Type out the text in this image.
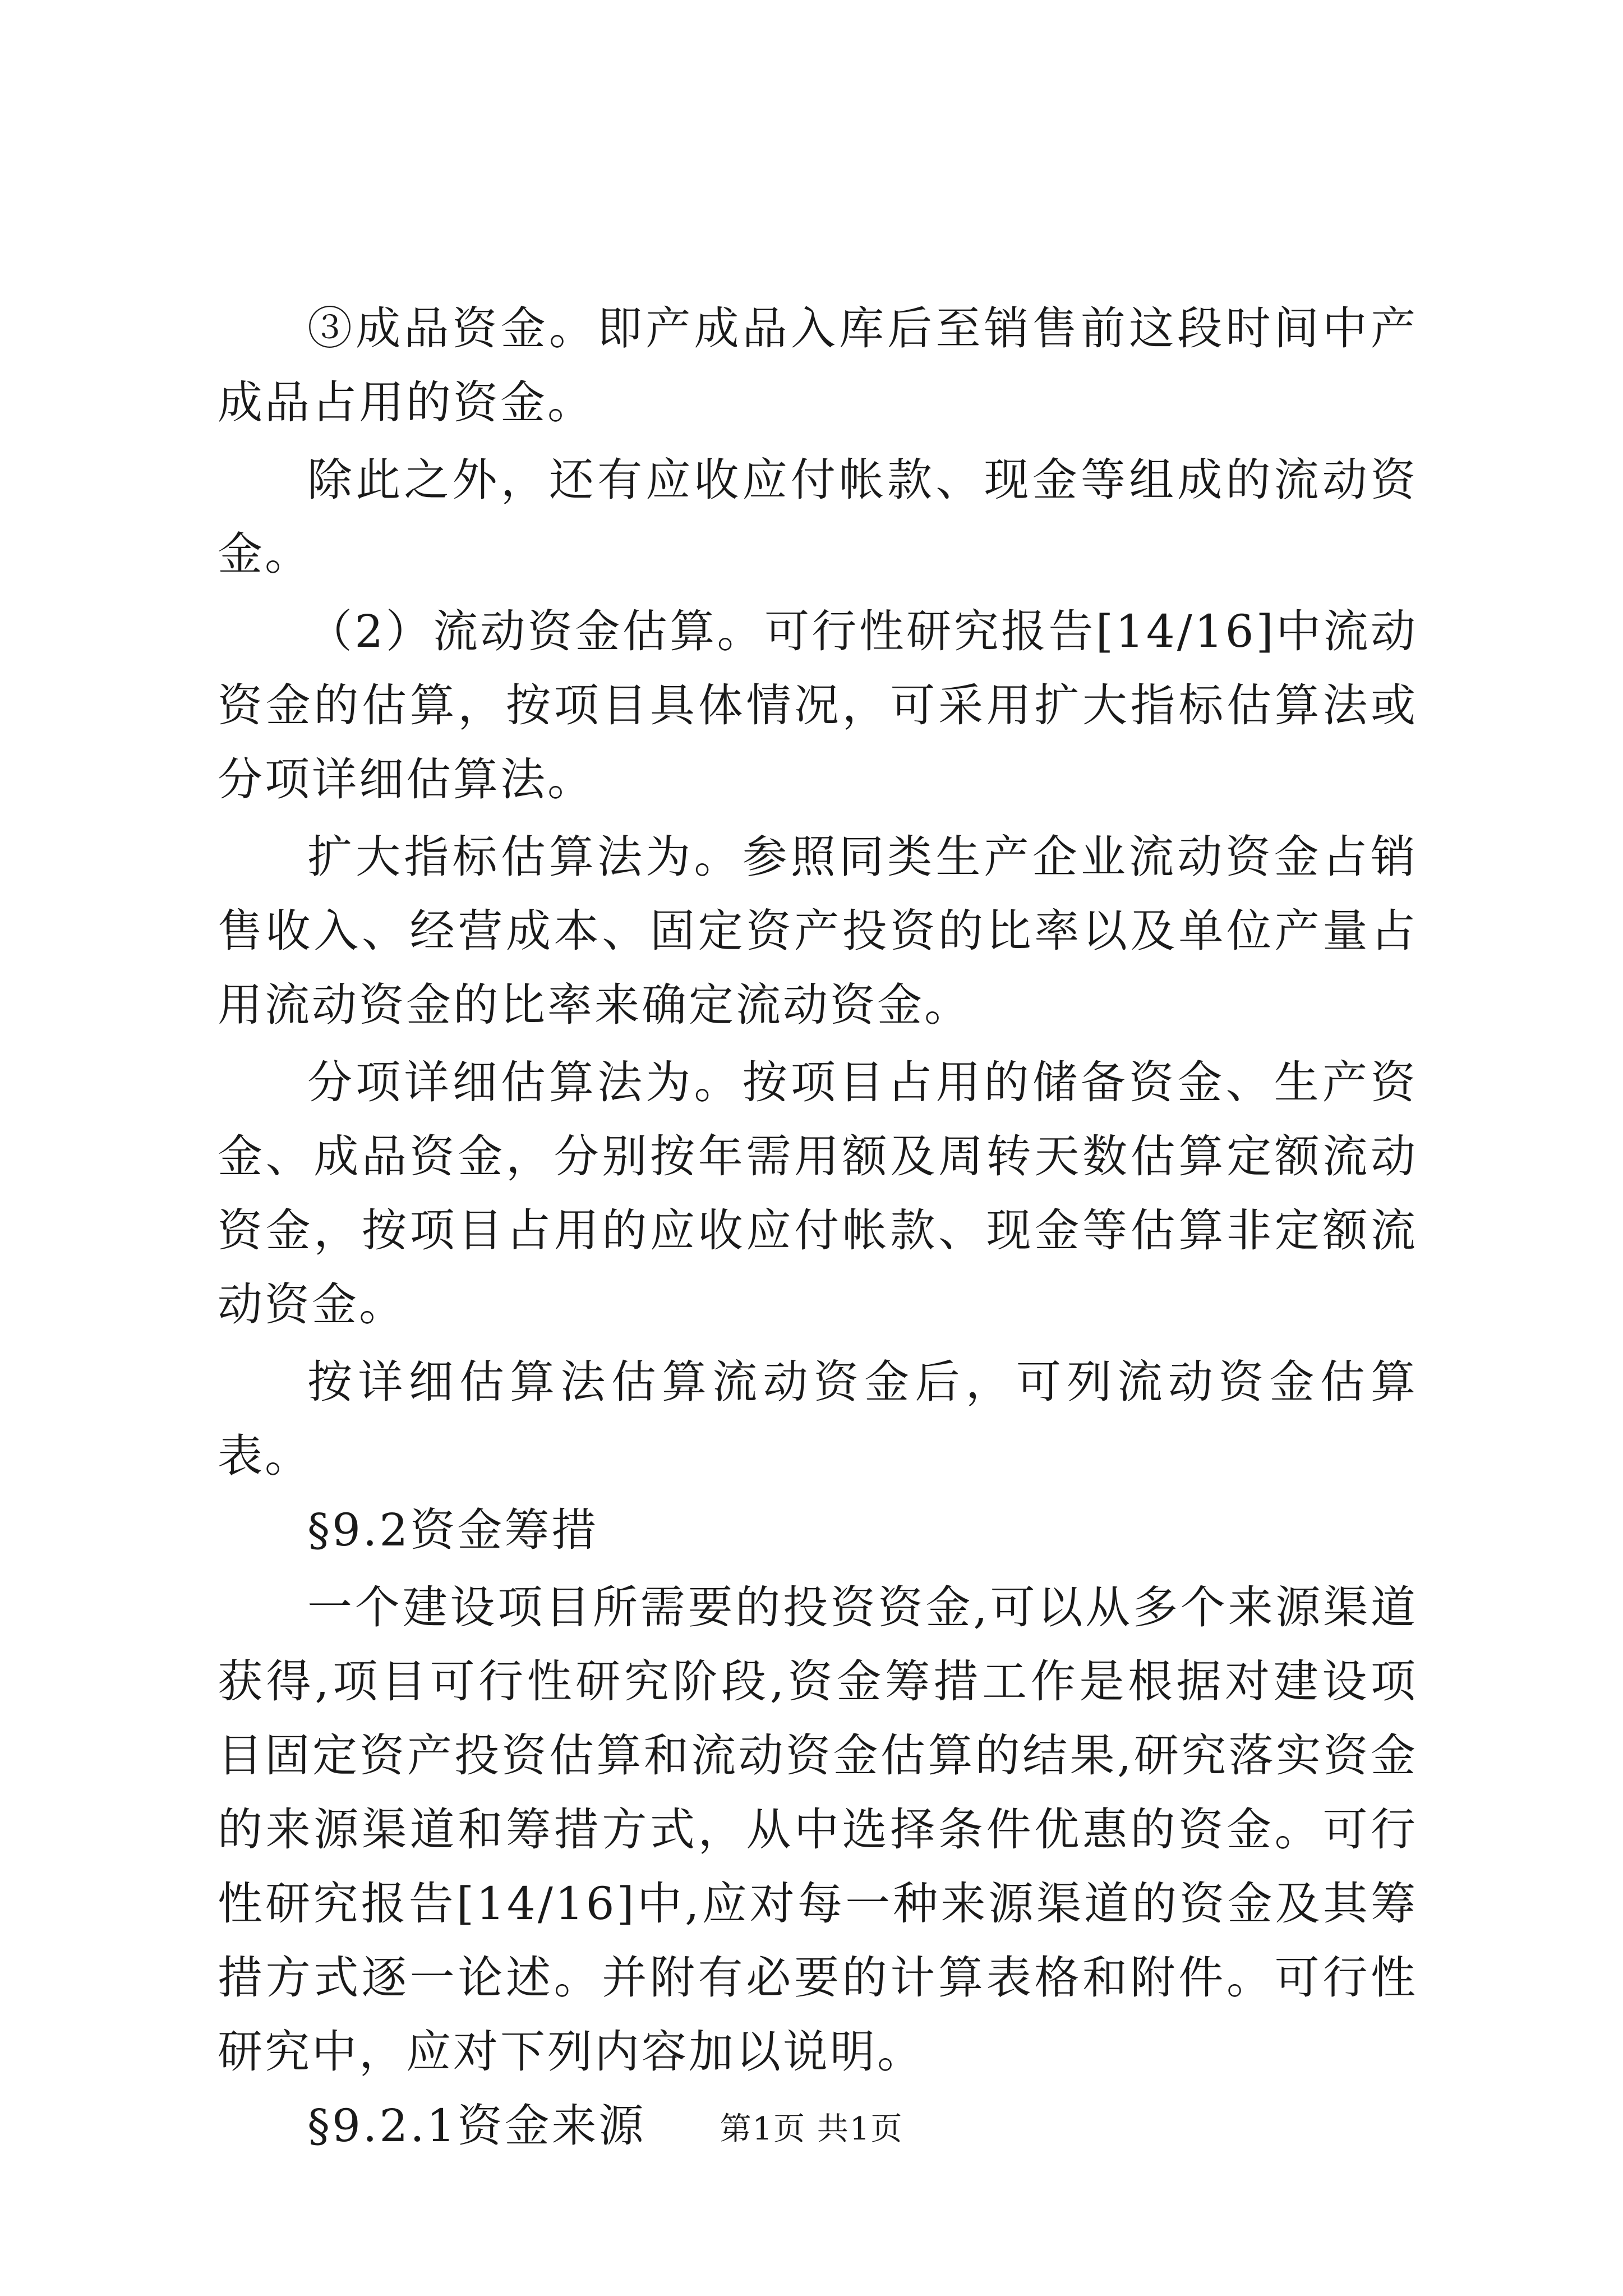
③成品资金。即产成品入库后至销售前这段时间中产成品占用的资金。

除此之外，还有应收应付帐款、现金等组成的流动资金。

（2）流动资金估算。可行性研究报告[14/16]中流动资金的估算，按项目具体情况，可采用扩大指标估算法或分项详细估算法。

扩大指标估算法为。参照同类生产企业流动资金占销售收入、经营成本、固定资产投资的比率以及单位产量占用流动资金的比率来确定流动资金。

分项详细估算法为。按项目占用的储备资金、生产资金、成品资金，分别按年需用额及周转天数估算定额流动资金，按项目占用的应收应付帐款、现金等估算非定额流动资金。

按详细估算法估算流动资金后，可列流动资金估算表。

§9.2资金筹措

一个建设项目所需要的投资资金,可以从多个来源渠道获得,项目可行性研究阶段,资金筹措工作是根据对建设项目固定资产投资估算和流动资金估算的结果,研究落实资金的来源渠道和筹措方式，从中选择条件优惠的资金。可行性研究报告[14/16]中,应对每一种来源渠道的资金及其筹措方式逐一论述。并附有必要的计算表格和附件。可行性研究中，应对下列内容加以说明。

§9.2.1资金来源	第1页 共1页
